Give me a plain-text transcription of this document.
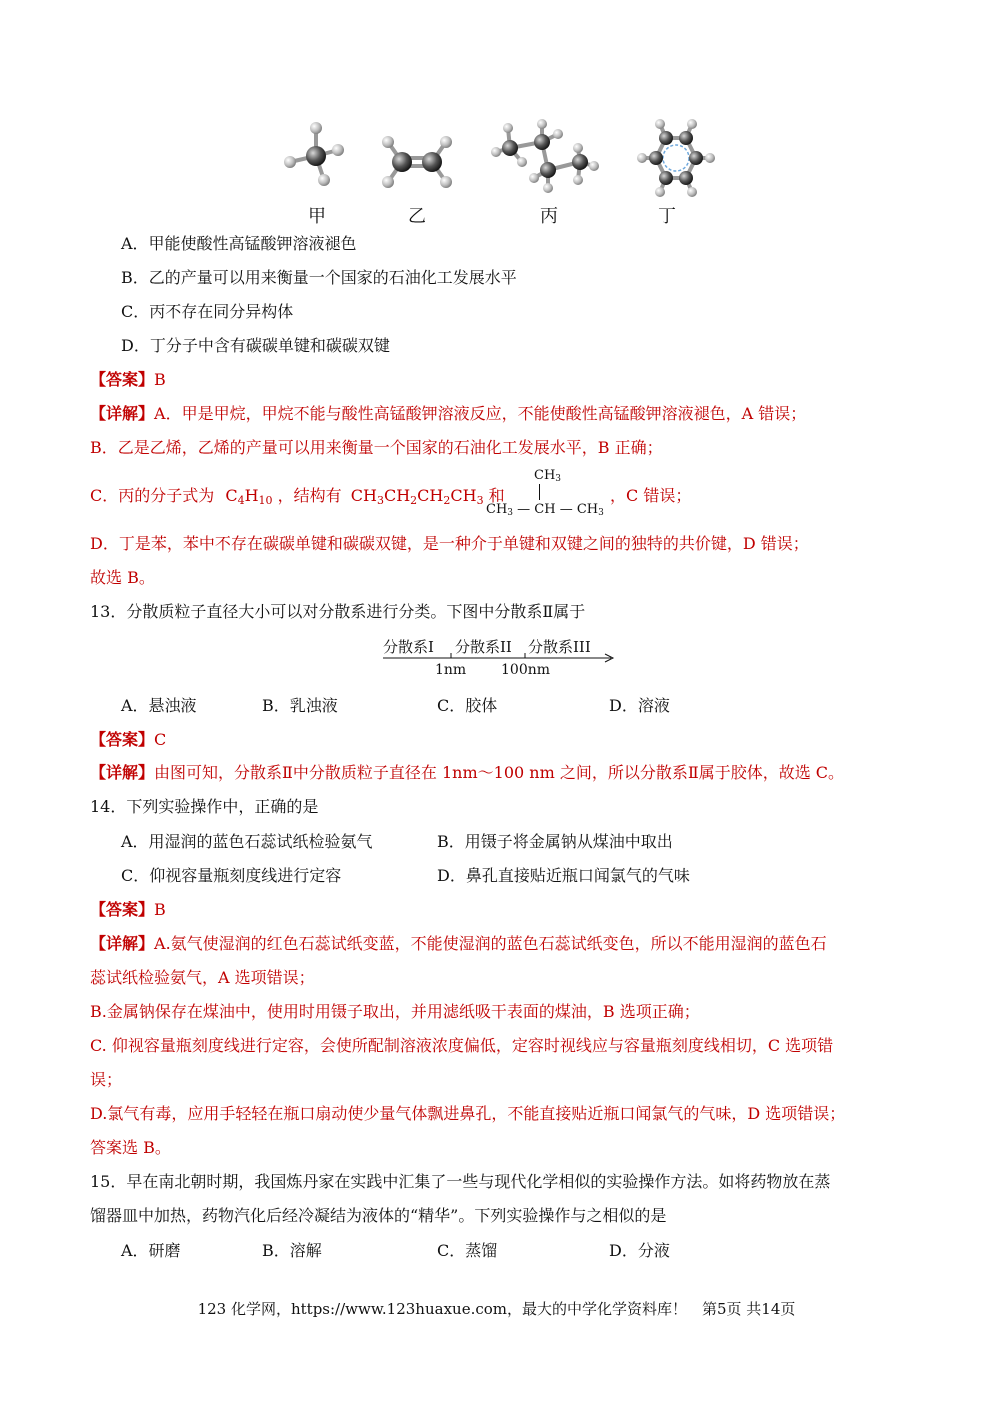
甲	乙	丙	丁
A．甲能使酸性高锰酸钾溶液褪色
B．乙的产量可以用来衡量一个国家的石油化工发展水平
C．丙不存在同分异构体
D．丁分子中含有碳碳单键和碳碳双键
【答案】B
【详解】A．甲是甲烷，甲烷不能与酸性高锰酸钾溶液反应，不能使酸性高锰酸钾溶液褪色，A 错误；
B．乙是乙烯，乙烯的产量可以用来衡量一个国家的石油化工发展水平，B 正确；
C．丙的分子式为 $C_4H_{10}$ ，结构有 $CH_3CH_2CH_2CH_3$ 和
CH3
CH3 — CH — CH3
，C 错误；
D．丁是苯，苯中不存在碳碳单键和碳碳双键，是一种介于单键和双键之间的独特的共价键，D 错误；
故选 B。
13．分散质粒子直径大小可以对分散系进行分类。下图中分散系Ⅱ属于
分散系I 分散系II 分散系III
1nm 100nm
A．悬浊液	B．乳浊液	C．胶体	D．溶液
【答案】C
【详解】由图可知，分散系Ⅱ中分散质粒子直径在 1nm～100 nm 之间，所以分散系Ⅱ属于胶体，故选 C。
14．下列实验操作中，正确的是
A．用湿润的蓝色石蕊试纸检验氨气	B．用镊子将金属钠从煤油中取出
C．仰视容量瓶刻度线进行定容	D．鼻孔直接贴近瓶口闻氯气的气味
【答案】B
【详解】A.氨气使湿润的红色石蕊试纸变蓝，不能使湿润的蓝色石蕊试纸变色，所以不能用湿润的蓝色石
蕊试纸检验氨气，A 选项错误；
B.金属钠保存在煤油中，使用时用镊子取出，并用滤纸吸干表面的煤油，B 选项正确；
C. 仰视容量瓶刻度线进行定容，会使所配制溶液浓度偏低，定容时视线应与容量瓶刻度线相切，C 选项错
误；
D.氯气有毒，应用手轻轻在瓶口扇动使少量气体飘进鼻孔，不能直接贴近瓶口闻氯气的气味，D 选项错误；
答案选 B。
15．早在南北朝时期，我国炼丹家在实践中汇集了一些与现代化学相似的实验操作方法。如将药物放在蒸
馏器皿中加热，药物汽化后经冷凝结为液体的“精华”。下列实验操作与之相似的是
A．研磨	B．溶解	C．蒸馏	D．分液
123 化学网，https://www.123huaxue.com，最大的中学化学资料库！　第5页 共14页
